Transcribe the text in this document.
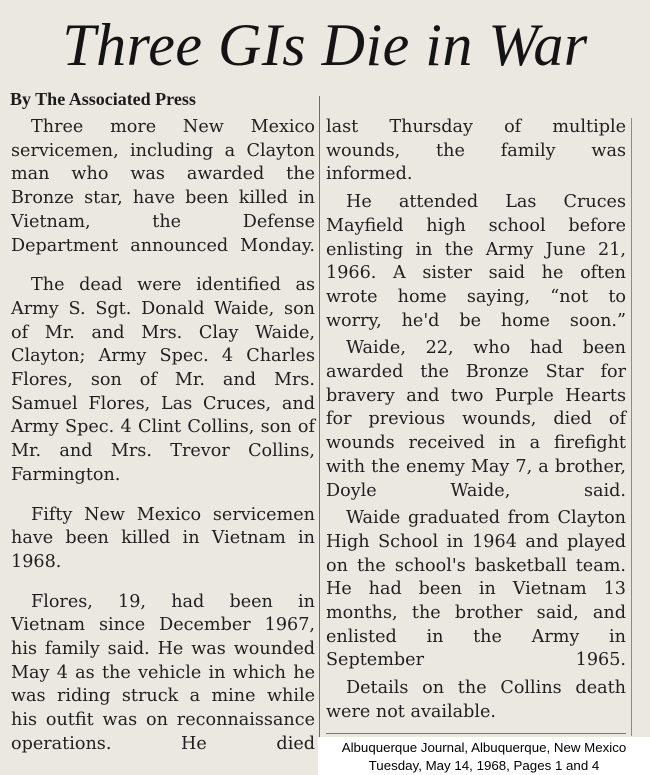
Three GIs Die in War
By The Associated Press

Three more New Mexico servicemen, including a Clayton man who was awarded the Bronze star, have been killed in Vietnam, the Defense Department announced Monday.

The dead were identified as Army S. Sgt. Donald Waide, son of Mr. and Mrs. Clay Waide, Clayton; Army Spec. 4 Charles Flores, son of Mr. and Mrs. Samuel Flores, Las Cruces, and Army Spec. 4 Clint Collins, son of Mr. and Mrs. Trevor Collins, Farmington.

Fifty New Mexico servicemen have been killed in Vietnam in 1968.

Flores, 19, had been in Vietnam since December 1967, his family said. He was wounded May 4 as the vehicle in which he was riding struck a mine while his outfit was on reconnaissance operations. He died

last Thursday of multiple wounds, the family was informed.

He attended Las Cruces Mayfield high school before enlisting in the Army June 21, 1966. A sister said he often wrote home saying, “not to worry, he'd be home soon.”

Waide, 22, who had been awarded the Bronze Star for bravery and two Purple Hearts for previous wounds, died of wounds received in a firefight with the enemy May 7, a brother, Doyle Waide, said.

Waide graduated from Clayton High School in 1964 and played on the school's basketball team. He had been in Vietnam 13 months, the brother said, and enlisted in the Army in September 1965.

Details on the Collins death were not available.

Albuquerque Journal, Albuquerque, New Mexico
Tuesday, May 14, 1968, Pages 1 and 4
